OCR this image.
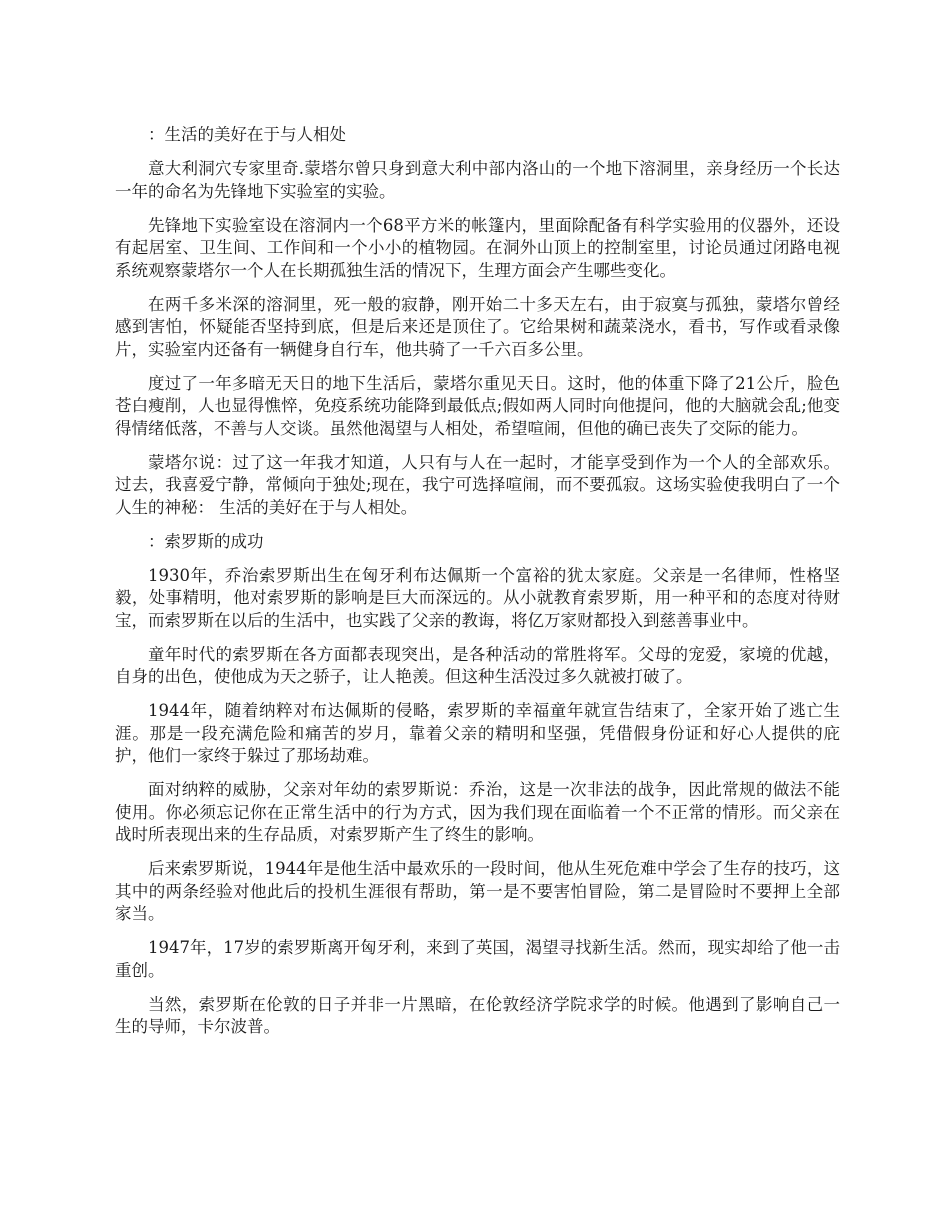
：生活的美好在于与人相处

意大利洞穴专家里奇.蒙塔尔曾只身到意大利中部内洛山的一个地下溶洞里，亲身经历一个长达一年的命名为先锋地下实验室的实验。

先锋地下实验室设在溶洞内一个68平方米的帐篷内，里面除配备有科学实验用的仪器外，还设有起居室、卫生间、工作间和一个小小的植物园。在洞外山顶上的控制室里，讨论员通过闭路电视系统观察蒙塔尔一个人在长期孤独生活的情况下，生理方面会产生哪些变化。

在两千多米深的溶洞里，死一般的寂静，刚开始二十多天左右，由于寂寞与孤独，蒙塔尔曾经感到害怕，怀疑能否坚持到底，但是后来还是顶住了。它给果树和蔬菜浇水，看书，写作或看录像片，实验室内还备有一辆健身自行车，他共骑了一千六百多公里。

度过了一年多暗无天日的地下生活后，蒙塔尔重见天日。这时，他的体重下降了21公斤，脸色苍白瘦削，人也显得憔悴，免疫系统功能降到最低点;假如两人同时向他提问，他的大脑就会乱;他变得情绪低落，不善与人交谈。虽然他渴望与人相处，希望喧闹，但他的确已丧失了交际的能力。

蒙塔尔说：过了这一年我才知道，人只有与人在一起时，才能享受到作为一个人的全部欢乐。过去，我喜爱宁静，常倾向于独处;现在，我宁可选择喧闹，而不要孤寂。这场实验使我明白了一个人生的神秘： 生活的美好在于与人相处。

：索罗斯的成功

1930年，乔治索罗斯出生在匈牙利布达佩斯一个富裕的犹太家庭。父亲是一名律师，性格坚毅，处事精明，他对索罗斯的影响是巨大而深远的。从小就教育索罗斯，用一种平和的态度对待财宝，而索罗斯在以后的生活中，也实践了父亲的教诲，将亿万家财都投入到慈善事业中。

童年时代的索罗斯在各方面都表现突出，是各种活动的常胜将军。父母的宠爱，家境的优越，自身的出色，使他成为天之骄子，让人艳羡。但这种生活没过多久就被打破了。

1944年，随着纳粹对布达佩斯的侵略，索罗斯的幸福童年就宣告结束了，全家开始了逃亡生涯。那是一段充满危险和痛苦的岁月，靠着父亲的精明和坚强，凭借假身份证和好心人提供的庇护，他们一家终于躲过了那场劫难。

面对纳粹的威胁，父亲对年幼的索罗斯说：乔治，这是一次非法的战争，因此常规的做法不能使用。你必须忘记你在正常生活中的行为方式，因为我们现在面临着一个不正常的情形。而父亲在战时所表现出来的生存品质，对索罗斯产生了终生的影响。

后来索罗斯说，1944年是他生活中最欢乐的一段时间，他从生死危难中学会了生存的技巧，这其中的两条经验对他此后的投机生涯很有帮助，第一是不要害怕冒险，第二是冒险时不要押上全部家当。

1947年，17岁的索罗斯离开匈牙利，来到了英国，渴望寻找新生活。然而，现实却给了他一击重创。

当然，索罗斯在伦敦的日子并非一片黑暗，在伦敦经济学院求学的时候。他遇到了影响自己一生的导师，卡尔波普。
